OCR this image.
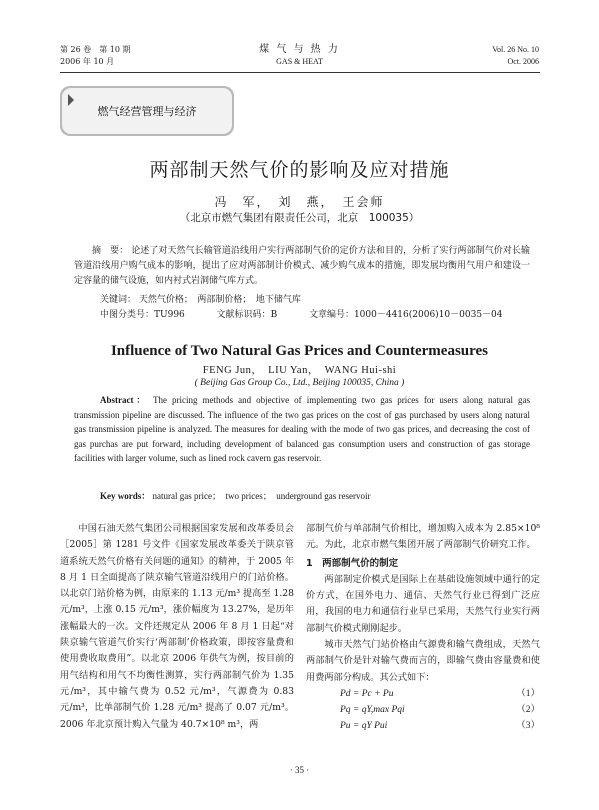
第 26 卷　第 10 期
2006 年 10 月
煤 气 与 热 力
GAS & HEAT
Vol. 26 No. 10
Oct. 2006
燃气经营管理与经济
两部制天然气价的影响及应对措施
冯　军，　刘　燕，　王会师
（北京市燃气集团有限责任公司，北京　100035）
摘　要： 论述了对天然气长输管道沿线用户实行两部制气价的定价方法和目的，分析了实行两部制气价对长输管道沿线用户购气成本的影响，提出了应对两部制计价模式、减少购气成本的措施，即发展均衡用气用户和建设一定容量的储气设施，如内衬式岩洞储气库方式。
关键词： 天然气价格；　两部制价格；　地下储气库
中图分类号：TU996	文献标识码：B	文章编号：1000－4416(2006)10－0035－04
Influence of Two Natural Gas Prices and Countermeasures
FENG Jun，　LIU Yan，　WANG Hui-shi
( Beijing Gas Group Co., Ltd., Beijing 100035, China )
Abstract： The pricing methods and objective of implementing two gas prices for users along natural gas transmission pipeline are discussed. The influence of the two gas prices on the cost of gas purchased by users along natural gas transmission pipeline is analyzed. The measures for dealing with the mode of two gas prices, and decreasing the cost of gas purchas are put forward, including development of balanced gas consumption users and construction of gas storage facilities with larger volume, such as lined rock cavern gas reservoir.
Key words： natural gas price；　two prices；　underground gas reservoir

中国石油天然气集团公司根据国家发展和改革委员会［2005］第 1281 号文件《国家发展改革委关于陕京管道系统天然气价格有关问题的通知》的精神，于 2005 年 8 月 1 日全面提高了陕京输气管道沿线用户的门站价格。以北京门站价格为例，由原来的 1.13 元/m³ 提高至 1.28 元/m³，上涨 0.15 元/m³，涨价幅度为 13.27%，是历年涨幅最大的一次。文件还规定从 2006 年 8 月 1 日起“对陕京输气管道气价实行‘两部制’价格政策，即按容量费和使用费收取费用”。以北京 2006 年供气为例，按目前的用气结构和用气不均衡性测算，实行两部制气价为 1.35 元/m³，其中输气费为 0.52 元/m³，气源费为 0.83 元/m³，比单部制气价 1.28 元/m³ 提高了 0.07 元/m³。2006 年北京预计购入气量为 40.7×10⁸ m³，两

部制气价与单部制气价相比，增加购入成本为 2.85×10⁸ 元。为此，北京市燃气集团开展了两部制气价研究工作。

1　两部制气价的制定

两部制定价模式是国际上在基础设施领域中通行的定价方式，在国外电力、通信、天然气行业已得到广泛应用，我国的电力和通信行业早已采用，天然气行业实行两部制气价模式刚刚起步。

城市天然气门站价格由气源费和输气费组成，天然气两部制气价是针对输气费而言的，即输气费由容量费和使用费两部分构成。其公式如下：

Pd = Pc + Pu	（1）
Pq = qY,max Pqi	（2）
Pu = qY Pui	（3）
· 35 ·
